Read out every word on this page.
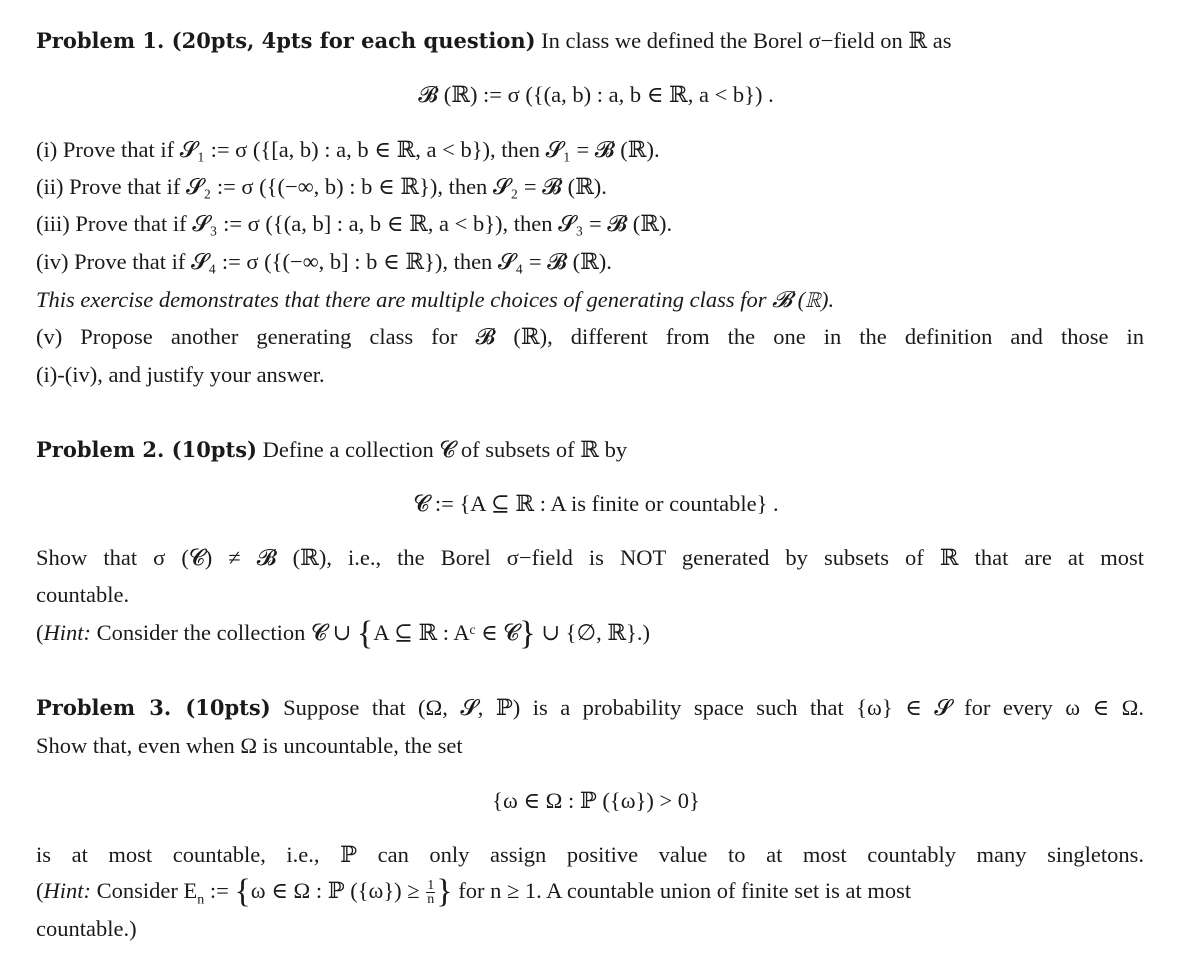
Problem 1. (20pts, 4pts for each question) In class we defined the Borel σ−field on ℝ as
𝓑 (ℝ) := σ ({(a, b) : a, b ∈ ℝ, a < b}) .
(i) Prove that if 𝓢₁ := σ ({[a, b) : a, b ∈ ℝ, a < b}), then 𝓢₁ = 𝓑 (ℝ).
(ii) Prove that if 𝓢₂ := σ ({(−∞, b) : b ∈ ℝ}), then 𝓢₂ = 𝓑 (ℝ).
(iii) Prove that if 𝓢₃ := σ ({(a, b] : a, b ∈ ℝ, a < b}), then 𝓢₃ = 𝓑 (ℝ).
(iv) Prove that if 𝓢₄ := σ ({(−∞, b] : b ∈ ℝ}), then 𝓢₄ = 𝓑 (ℝ).
This exercise demonstrates that there are multiple choices of generating class for 𝓑 (ℝ).
(v) Propose another generating class for 𝓑 (ℝ), different from the one in the definition and those in
(i)-(iv), and justify your answer.
Problem 2. (10pts) Define a collection 𝓒 of subsets of ℝ by
𝓒 := {A ⊆ ℝ : A is finite or countable} .
Show that σ (𝓒) ≠ 𝓑 (ℝ), i.e., the Borel σ−field is NOT generated by subsets of ℝ that are at most
countable.
(Hint: Consider the collection 𝓒 ∪ {A ⊆ ℝ : Aᶜ ∈ 𝓒} ∪ {∅, ℝ}.)
Problem 3. (10pts) Suppose that (Ω, 𝓢, ℙ) is a probability space such that {ω} ∈ 𝓢 for every ω ∈ Ω.
Show that, even when Ω is uncountable, the set
{ω ∈ Ω : ℙ ({ω}) > 0}
is at most countable, i.e., ℙ can only assign positive value to at most countably many singletons.
(Hint: Consider $E_n$ := {ω ∈ Ω : ℙ $(\{\omega\}) \ge \frac{1}{n}$ } for n ≥ 1. A countable union of finite set is at most
countable.)
